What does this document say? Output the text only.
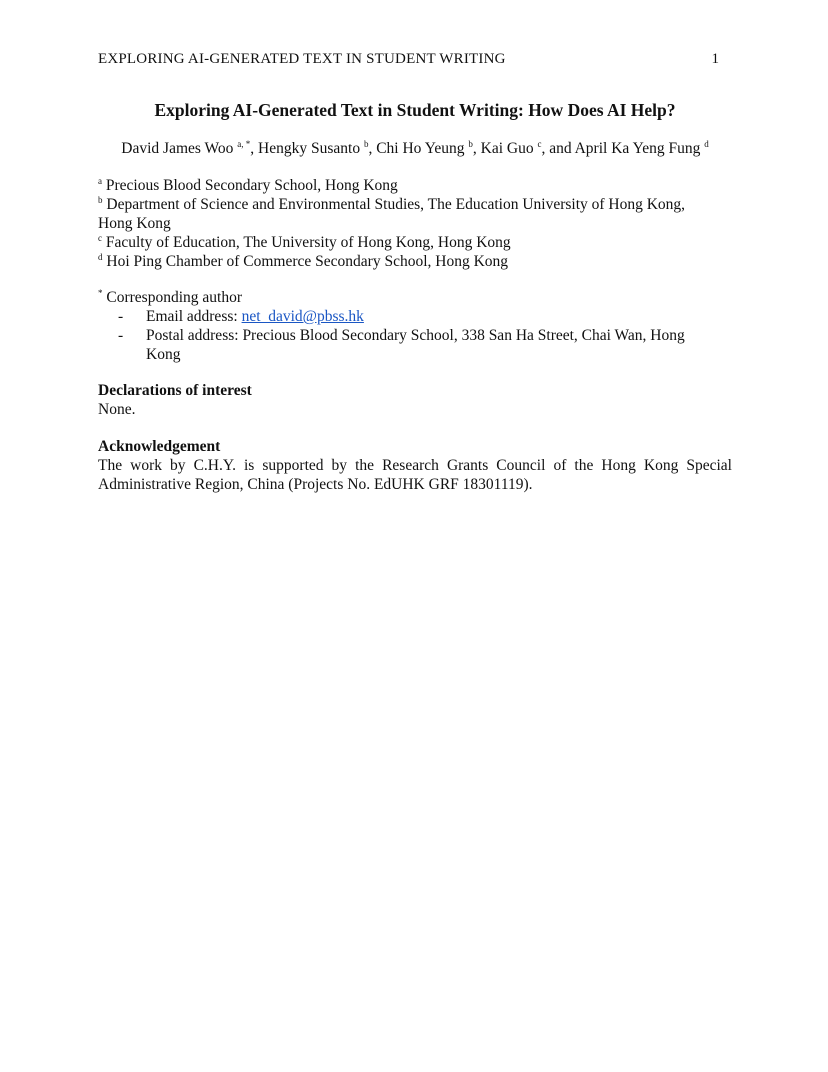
EXPLORING AI-GENERATED TEXT IN STUDENT WRITING	1
Exploring AI-Generated Text in Student Writing: How Does AI Help?
David James Woo $^{a, *}$, Hengky Susanto $^b$, Chi Ho Yeung $^b$, Kai Guo $^c$, and April Ka Yeng Fung $^d$
$^a$ Precious Blood Secondary School, Hong Kong
$^b$ Department of Science and Environmental Studies, The Education University of Hong Kong,
Hong Kong
$^c$ Faculty of Education, The University of Hong Kong, Hong Kong
$^d$ Hoi Ping Chamber of Commerce Secondary School, Hong Kong
* Corresponding author
- Email address: net_david@pbss.hk
- Postal address: Precious Blood Secondary School, 338 San Ha Street, Chai Wan, Hong
Kong
Declarations of interest

None.

Acknowledgement

The work by C.H.Y. is supported by the Research Grants Council of the Hong Kong Special Administrative Region, China (Projects No. EdUHK GRF 18301119).
